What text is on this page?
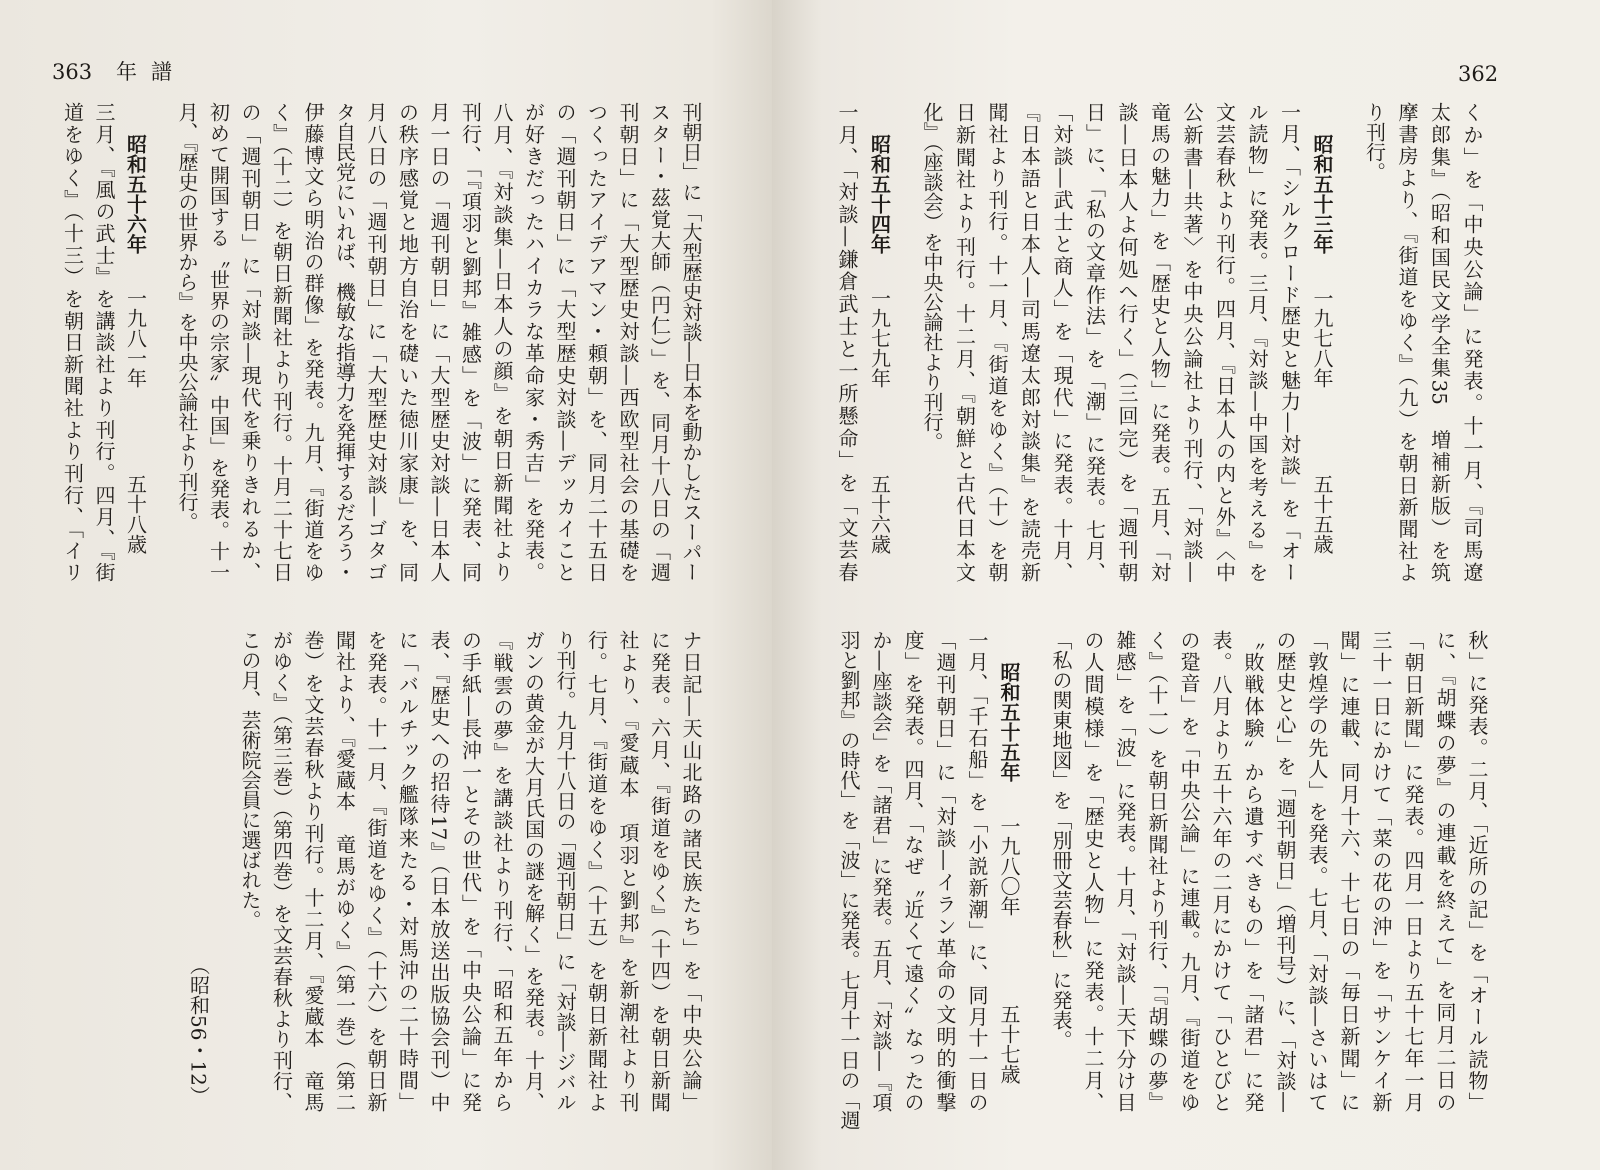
363 年譜	362
くか」を「中央公論」に発表。十一月、『司馬遼
太郎集』（昭和国民文学全集35　増補新版）を筑
摩書房より、『街道をゆく』（九）を朝日新聞社よ
り刊行。
昭和五十三年
一九七八年
五十五歳
一月、「シルクロード歴史と魅力―対談」を「オー
ル読物」に発表。三月、『対談―中国を考える』を
文芸春秋より刊行。四月、『日本人の内と外』〈中
公新書―共著〉を中央公論社より刊行、「対談―
竜馬の魅力」を「歴史と人物」に発表。五月、「対
談―日本人よ何処へ行く」（三回完）を「週刊朝
日」に、「私の文章作法」を「潮」に発表。七月、
「対談―武士と商人」を「現代」に発表。十月、
『日本語と日本人―司馬遼太郎対談集』を読売新
聞社より刊行。十一月、『街道をゆく』（十）を朝
日新聞社より刊行。十二月、『朝鮮と古代日本文
化』（座談会）を中央公論社より刊行。
昭和五十四年
一九七九年
五十六歳
一月、「対談―鎌倉武士と一所懸命」を「文芸春
秋」に発表。二月、「近所の記」を「オール読物」
に、『胡蝶の夢』の連載を終えて」を同月二日の
「朝日新聞」に発表。四月一日より五十七年一月
三十一日にかけて「菜の花の沖」を「サンケイ新
聞」に連載、同月十六、十七日の「毎日新聞」に
「敦煌学の先人」を発表。七月、「対談―さいはて
の歴史と心」を「週刊朝日」（増刊号）に、「対談―
〝敗戦体験〟から遺すべきもの」を「諸君」に発
表。八月より五十六年の二月にかけて「ひとびと
の跫音」を「中央公論」に連載。九月、『街道をゆ
く』（十一）を朝日新聞社より刊行、「『胡蝶の夢』
雑感」を「波」に発表。十月、「対談―天下分け目
の人間模様」を「歴史と人物」に発表。十二月、
「私の関東地図」を「別冊文芸春秋」に発表。
昭和五十五年
一九八〇年
五十七歳
一月、「千石船」を「小説新潮」に、同月十一日の
「週刊朝日」に「対談―イラン革命の文明的衝撃
度」を発表。四月、「なぜ〝近くて遠く〟なったの
か―座談会」を「諸君」に発表。五月、「対談―『項
羽と劉邦』の時代」を「波」に発表。七月十一日の「週
刊朝日」に「大型歴史対談―日本を動かしたスーパー
スター・茲覚大師（円仁）」を、同月十八日の「週
刊朝日」に「大型歴史対談―西欧型社会の基礎を
つくったアイデアマン・頼朝」を、同月二十五日
の「週刊朝日」に「大型歴史対談―デッカイこと
が好きだったハイカラな革命家・秀吉」を発表。
八月、『対談集―日本人の顔』を朝日新聞社より
刊行、「『項羽と劉邦』雑感」を「波」に発表、同
月一日の「週刊朝日」に「大型歴史対談―日本人
の秩序感覚と地方自治を礎いた徳川家康」を、同
月八日の「週刊朝日」に「大型歴史対談―ゴタゴ
タ自民党にいれば、機敏な指導力を発揮するだろう・
伊藤博文ら明治の群像」を発表。九月、『街道をゆ
く』（十二）を朝日新聞社より刊行。十月二十七日
の「週刊朝日」に「対談―現代を乗りきれるか、
初めて開国する〝世界の宗家〟中国」を発表。十一
月、『歴史の世界から』を中央公論社より刊行。
昭和五十六年
一九八一年
五十八歳
三月、『風の武士』を講談社より刊行。四月、『街
道をゆく』（十三）を朝日新聞社より刊行、「イリ
ナ日記―天山北路の諸民族たち」を「中央公論」
に発表。六月、『街道をゆく』（十四）を朝日新聞
社より、『愛蔵本　項羽と劉邦』を新潮社より刊
行。七月、『街道をゆく』（十五）を朝日新聞社よ
り刊行。九月十八日の「週刊朝日」に「対談―ジバル
ガンの黄金が大月氏国の謎を解く」を発表。十月、
『戦雲の夢』を講談社より刊行、「昭和五年から
の手紙―長沖一とその世代」を「中央公論」に発
表、『歴史への招待17』（日本放送出版協会刊）中
に「バルチック艦隊来たる・対馬沖の二十時間」
を発表。十一月、『街道をゆく』（十六）を朝日新
聞社より、『愛蔵本　竜馬がゆく』（第一巻）（第二
巻）を文芸春秋より刊行。十二月、『愛蔵本　竜馬
がゆく』（第三巻）（第四巻）を文芸春秋より刊行、
この月、芸術院会員に選ばれた。
（昭和56・12）
